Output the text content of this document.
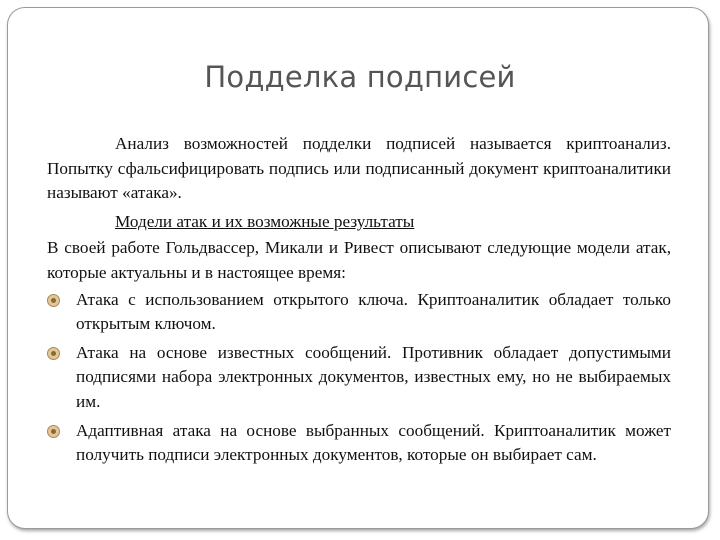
Подделка подписей

Анализ возможностей подделки подписей называется криптоанализ. Попытку сфальсифицировать подпись или подписанный документ криптоаналитики называют «атака».

Модели атак и их возможные результаты

В своей работе Гольдвассер, Микали и Ривест описывают следующие модели атак, которые актуальны и в настоящее время:

Атака с использованием открытого ключа. Криптоаналитик обладает только открытым ключом.
Атака на основе известных сообщений. Противник обладает допустимыми подписями набора электронных документов, известных ему, но не выбираемых им.
Адаптивная атака на основе выбранных сообщений. Криптоаналитик может получить подписи электронных документов, которые он выбирает сам.
